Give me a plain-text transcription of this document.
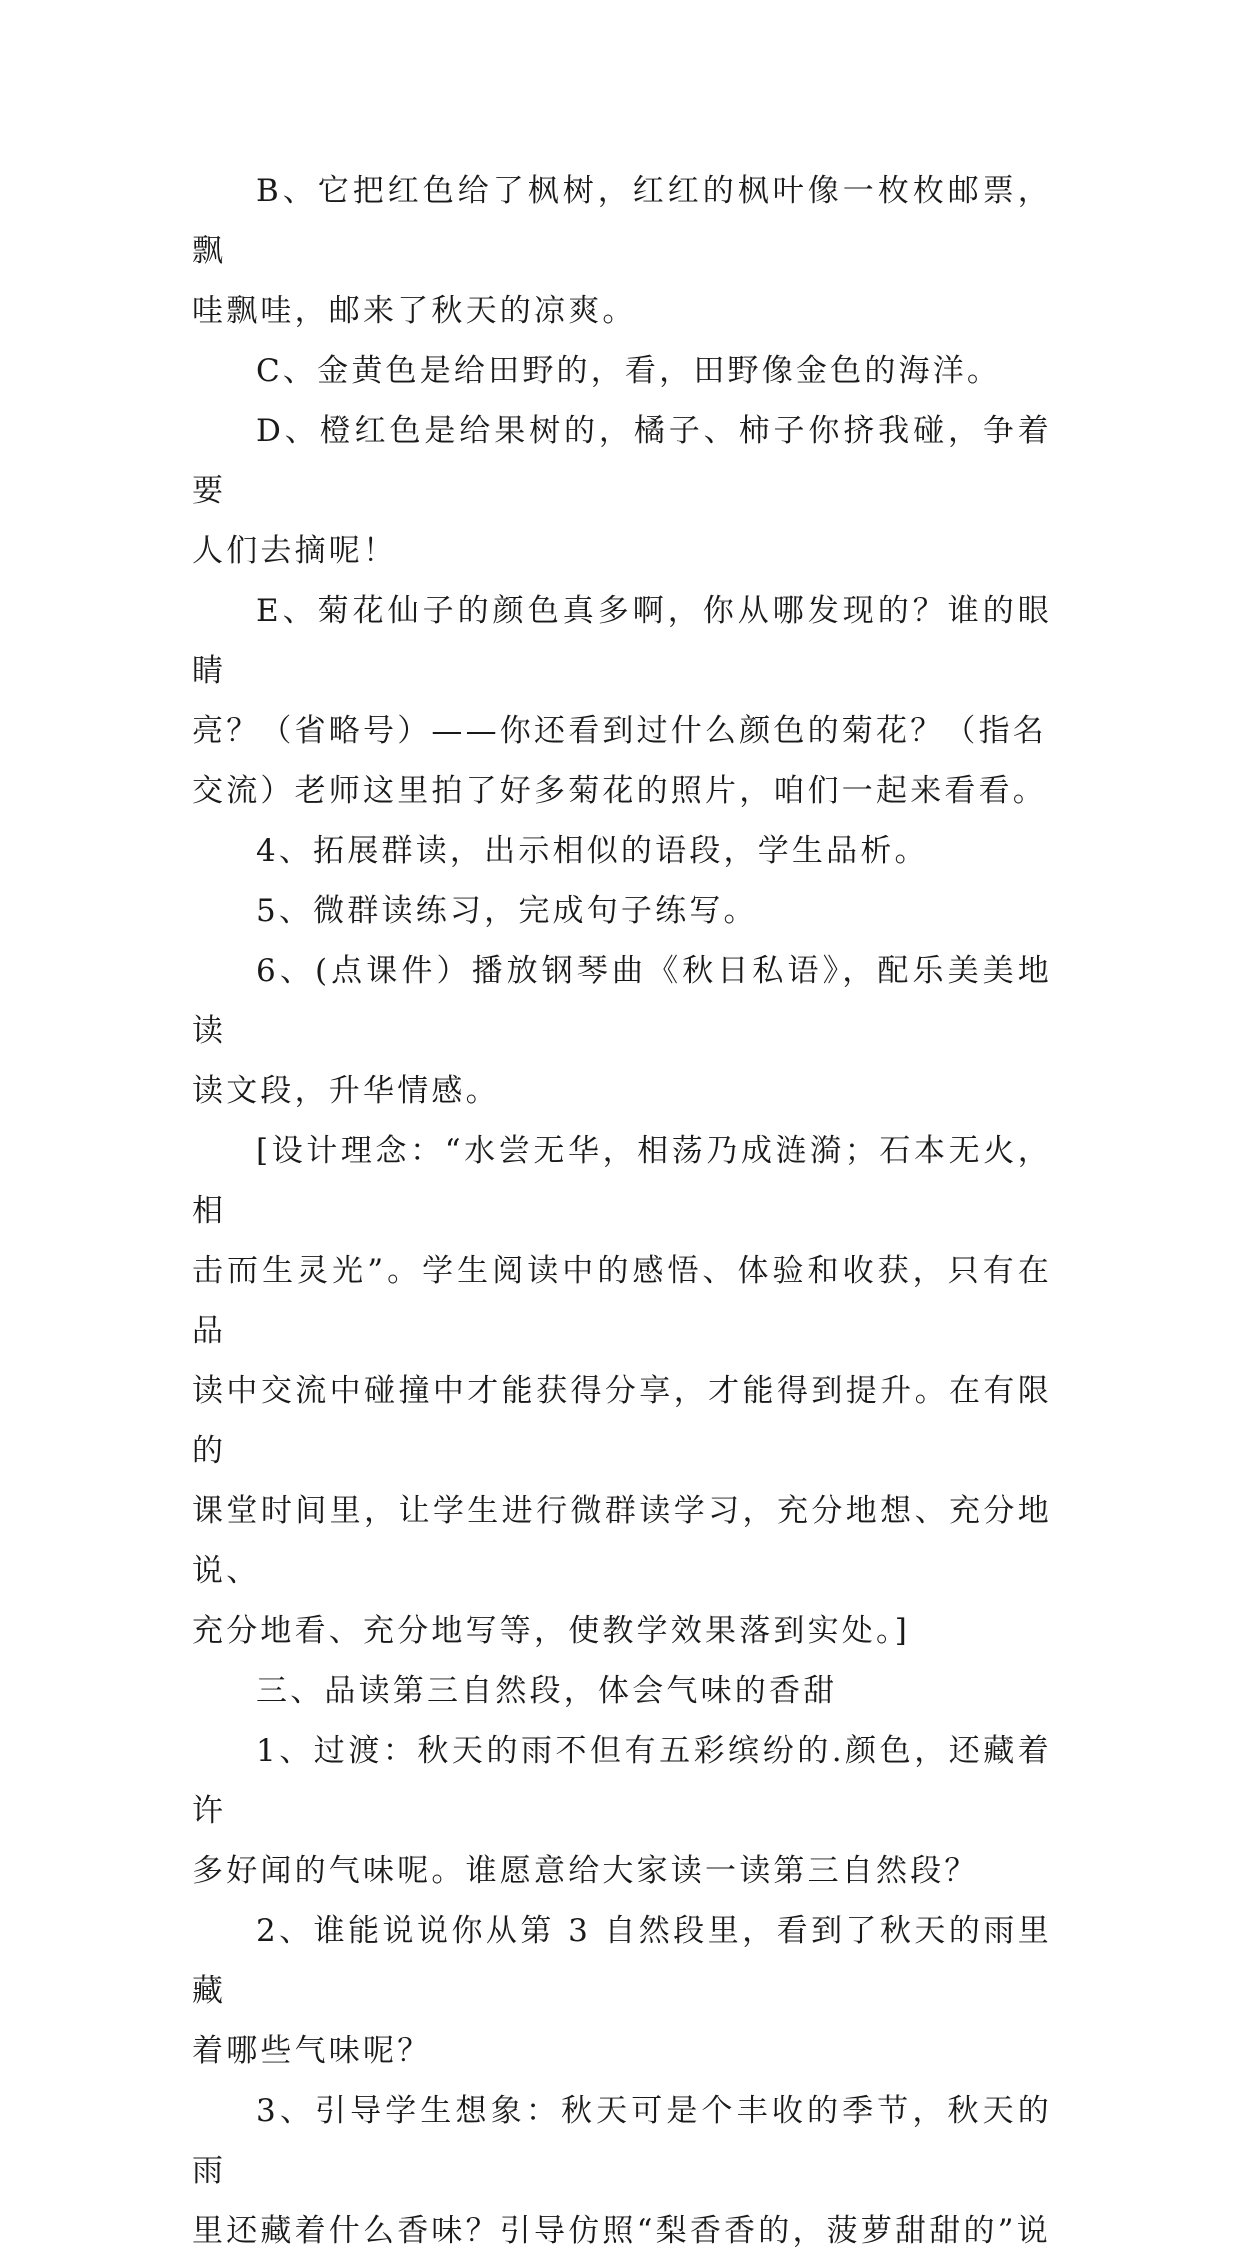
B、它把红色给了枫树，红红的枫叶像一枚枚邮票，飘
哇飘哇，邮来了秋天的凉爽。

C、金黄色是给田野的，看，田野像金色的海洋。

D、橙红色是给果树的，橘子、柿子你挤我碰，争着要
人们去摘呢！

E、菊花仙子的颜色真多啊，你从哪发现的？谁的眼睛
亮？（省略号）——你还看到过什么颜色的菊花？（指名
交流）老师这里拍了好多菊花的照片，咱们一起来看看。

4、拓展群读，出示相似的语段，学生品析。

5、微群读练习，完成句子练写。

6、(点课件）播放钢琴曲《秋日私语》，配乐美美地读
读文段，升华情感。

[设计理念：“水尝无华，相荡乃成涟漪；石本无火，相
击而生灵光”。学生阅读中的感悟、体验和收获，只有在品
读中交流中碰撞中才能获得分享，才能得到提升。在有限的
课堂时间里，让学生进行微群读学习，充分地想、充分地说、
充分地看、充分地写等，使教学效果落到实处。]

三、品读第三自然段，体会气味的香甜

1、过渡：秋天的雨不但有五彩缤纷的.颜色，还藏着许
多好闻的气味呢。谁愿意给大家读一读第三自然段？

2、谁能说说你从第 3 自然段里，看到了秋天的雨里藏
着哪些气味呢？

3、引导学生想象：秋天可是个丰收的季节，秋天的雨
里还藏着什么香味？引导仿照“梨香香的，菠萝甜甜的”说
